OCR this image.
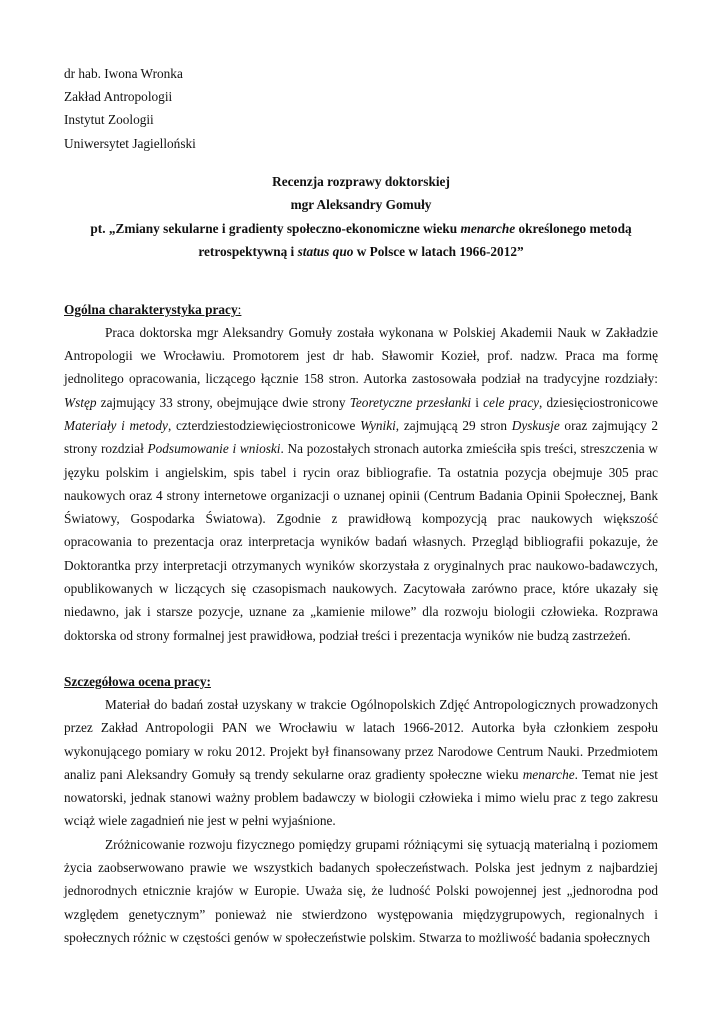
dr hab. Iwona Wronka

Zakład Antropologii

Instytut Zoologii

Uniwersytet Jagielloński

Recenzja rozprawy doktorskiej

mgr Aleksandry Gomuły

pt. „Zmiany sekularne i gradienty społeczno-ekonomiczne wieku menarche określonego metodą retrospektywną i status quo w Polsce w latach 1966-2012”

Ogólna charakterystyka pracy:

Praca doktorska mgr Aleksandry Gomuły została wykonana w Polskiej Akademii Nauk w Zakładzie Antropologii we Wrocławiu. Promotorem jest dr hab. Sławomir Kozieł, prof. nadzw. Praca ma formę jednolitego opracowania, liczącego łącznie 158 stron. Autorka zastosowała podział na tradycyjne rozdziały: Wstęp zajmujący 33 strony, obejmujące dwie strony Teoretyczne przesłanki i cele pracy, dziesięciostronicowe Materiały i metody, czterdziestodziewięciostronicowe Wyniki, zajmującą 29 stron Dyskusje oraz zajmujący 2 strony rozdział Podsumowanie i wnioski. Na pozostałych stronach autorka zmieściła spis treści, streszczenia w języku polskim i angielskim, spis tabel i rycin oraz bibliografie. Ta ostatnia pozycja obejmuje 305 prac naukowych oraz 4 strony internetowe organizacji o uznanej opinii (Centrum Badania Opinii Społecznej, Bank Światowy, Gospodarka Światowa). Zgodnie z prawidłową kompozycją prac naukowych większość opracowania to prezentacja oraz interpretacja wyników badań własnych. Przegląd bibliografii pokazuje, że Doktorantka przy interpretacji otrzymanych wyników skorzystała z oryginalnych prac naukowo-badawczych, opublikowanych w liczących się czasopismach naukowych. Zacytowała zarówno prace, które ukazały się niedawno, jak i starsze pozycje, uznane za „kamienie milowe” dla rozwoju biologii człowieka. Rozprawa doktorska od strony formalnej jest prawidłowa, podział treści i prezentacja wyników nie budzą zastrzeżeń.

Szczegółowa ocena pracy:

Materiał do badań został uzyskany w trakcie Ogólnopolskich Zdjęć Antropologicznych prowadzonych przez Zakład Antropologii PAN we Wrocławiu w latach 1966-2012. Autorka była członkiem zespołu wykonującego pomiary w roku 2012. Projekt był finansowany przez Narodowe Centrum Nauki. Przedmiotem analiz pani Aleksandry Gomuły są trendy sekularne oraz gradienty społeczne wieku menarche. Temat nie jest nowatorski, jednak stanowi ważny problem badawczy w biologii człowieka i mimo wielu prac z tego zakresu wciąż wiele zagadnień nie jest w pełni wyjaśnione.

Zróżnicowanie rozwoju fizycznego pomiędzy grupami różniącymi się sytuacją materialną i poziomem życia zaobserwowano prawie we wszystkich badanych społeczeństwach. Polska jest jednym z najbardziej jednorodnych etnicznie krajów w Europie. Uważa się, że ludność Polski powojennej jest „jednorodna pod względem genetycznym” ponieważ nie stwierdzono występowania międzygrupowych, regionalnych i społecznych różnic w częstości genów w społeczeństwie polskim. Stwarza to możliwość badania społecznych
